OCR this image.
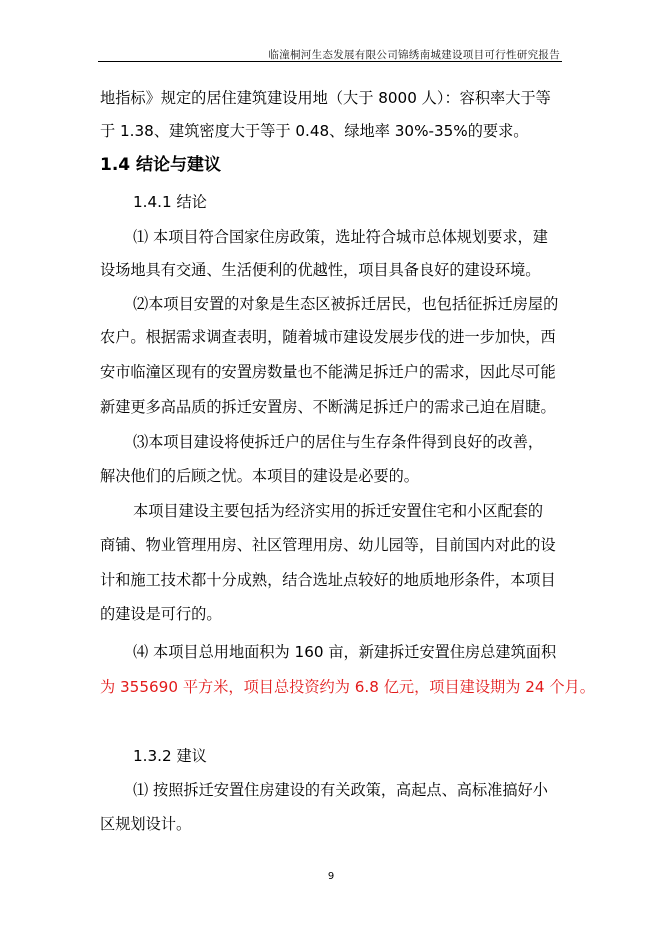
临潼桐河生态发展有限公司锦绣南城建设项目可行性研究报告
地指标》规定的居住建筑建设用地（大于 8000 人）：容积率大于等
于 1.38、建筑密度大于等于 0.48、绿地率 30%-35%的要求。
1.4 结论与建议
1.4.1 结论
⑴ 本项目符合国家住房政策，选址符合城市总体规划要求，建
设场地具有交通、生活便利的优越性，项目具备良好的建设环境。
⑵本项目安置的对象是生态区被拆迁居民，也包括征拆迁房屋的
农户。根据需求调查表明，随着城市建设发展步伐的进一步加快，西
安市临潼区现有的安置房数量也不能满足拆迁户的需求，因此尽可能
新建更多高品质的拆迁安置房、不断满足拆迁户的需求己迫在眉睫。
⑶本项目建设将使拆迁户的居住与生存条件得到良好的改善，
解决他们的后顾之忧。本项目的建设是必要的。
本项目建设主要包括为经济实用的拆迁安置住宅和小区配套的
商铺、物业管理用房、社区管理用房、幼儿园等，目前国内对此的设
计和施工技术都十分成熟，结合选址点较好的地质地形条件，本项目
的建设是可行的。
⑷ 本项目总用地面积为 160 亩，新建拆迁安置住房总建筑面积
为 355690 平方米，项目总投资约为 6.8 亿元，项目建设期为 24 个月。
1.3.2 建议
⑴ 按照拆迁安置住房建设的有关政策，高起点、高标准搞好小
区规划设计。
9
